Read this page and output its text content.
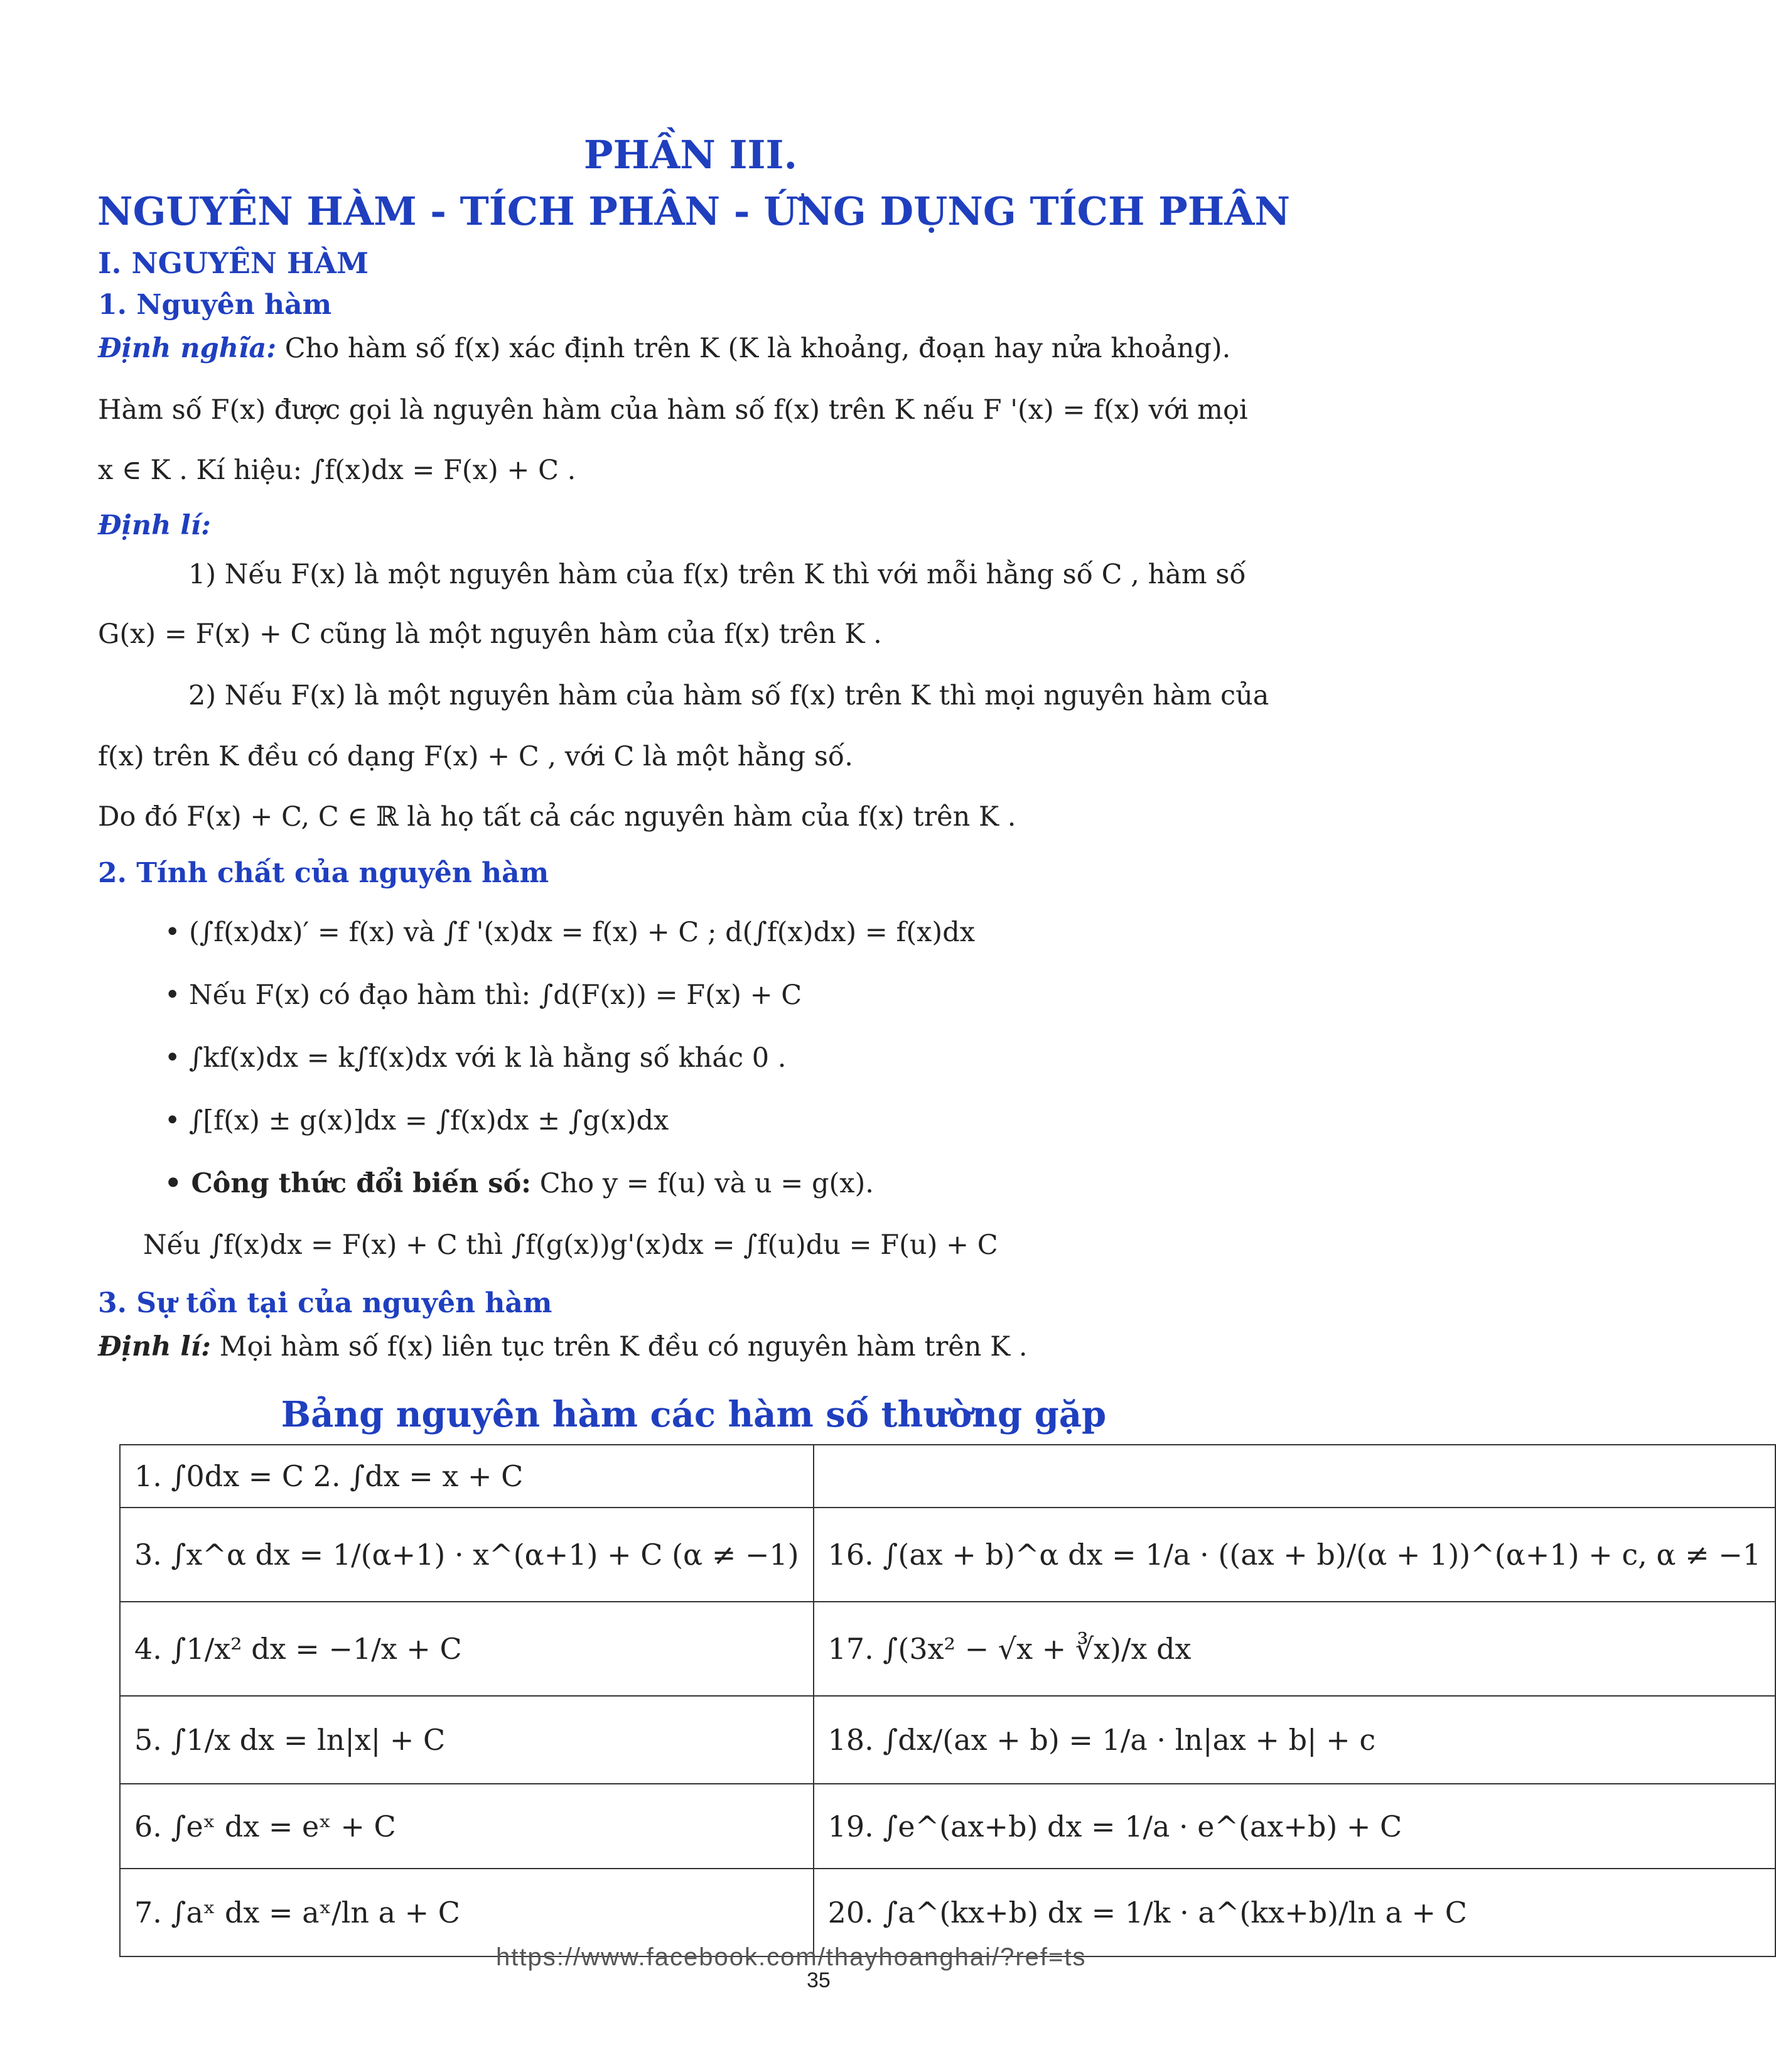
PHẦN III.
NGUYÊN HÀM - TÍCH PHÂN - ỨNG DỤNG TÍCH PHÂN
I. NGUYÊN HÀM
1. Nguyên hàm
Định nghĩa: Cho hàm số f(x) xác định trên K (K là khoảng, đoạn hay nửa khoảng).
Hàm số F(x) được gọi là nguyên hàm của hàm số f(x) trên K nếu F '(x) = f(x) với mọi
x ∈ K . Kí hiệu: ∫f(x)dx = F(x) + C .
Định lí:
1) Nếu F(x) là một nguyên hàm của f(x) trên K thì với mỗi hằng số C , hàm số
G(x) = F(x) + C cũng là một nguyên hàm của f(x) trên K .
2) Nếu F(x) là một nguyên hàm của hàm số f(x) trên K thì mọi nguyên hàm của
f(x) trên K đều có dạng F(x) + C , với C là một hằng số.
Do đó F(x) + C, C ∈ ℝ là họ tất cả các nguyên hàm của f(x) trên K .
2. Tính chất của nguyên hàm
• (∫f(x)dx)′ = f(x) và ∫f '(x)dx = f(x) + C ; d(∫f(x)dx) = f(x)dx
• Nếu F(x) có đạo hàm thì: ∫d(F(x)) = F(x) + C
• ∫kf(x)dx = k∫f(x)dx với k là hằng số khác 0 .
• ∫[f(x) ± g(x)]dx = ∫f(x)dx ± ∫g(x)dx
• Công thức đổi biến số: Cho y = f(u) và u = g(x).
Nếu ∫f(x)dx = F(x) + C thì ∫f(g(x))g'(x)dx = ∫f(u)du = F(u) + C
3. Sự tồn tại của nguyên hàm
Định lí: Mọi hàm số f(x) liên tục trên K đều có nguyên hàm trên K .
Bảng nguyên hàm các hàm số thường gặp
1. ∫0dx = C 2. ∫dx = x + C	
3. ∫x^α dx = 1/(α+1) · x^(α+1) + C (α ≠ −1)	16. ∫(ax + b)^α dx = 1/a · ((ax + b)/(α + 1))^(α+1) + c, α ≠ −1
4. ∫1/x² dx = −1/x + C	17. ∫(3x² − √x + ∛x)/x dx
5. ∫1/x dx = ln|x| + C	18. ∫dx/(ax + b) = 1/a · ln|ax + b| + c
6. ∫eˣ dx = eˣ + C	19. ∫e^(ax+b) dx = 1/a · e^(ax+b) + C
7. ∫aˣ dx = aˣ/ln a + C	20. ∫a^(kx+b) dx = 1/k · a^(kx+b)/ln a + C
https://www.facebook.com/thayhoanghai/?ref=ts
35
